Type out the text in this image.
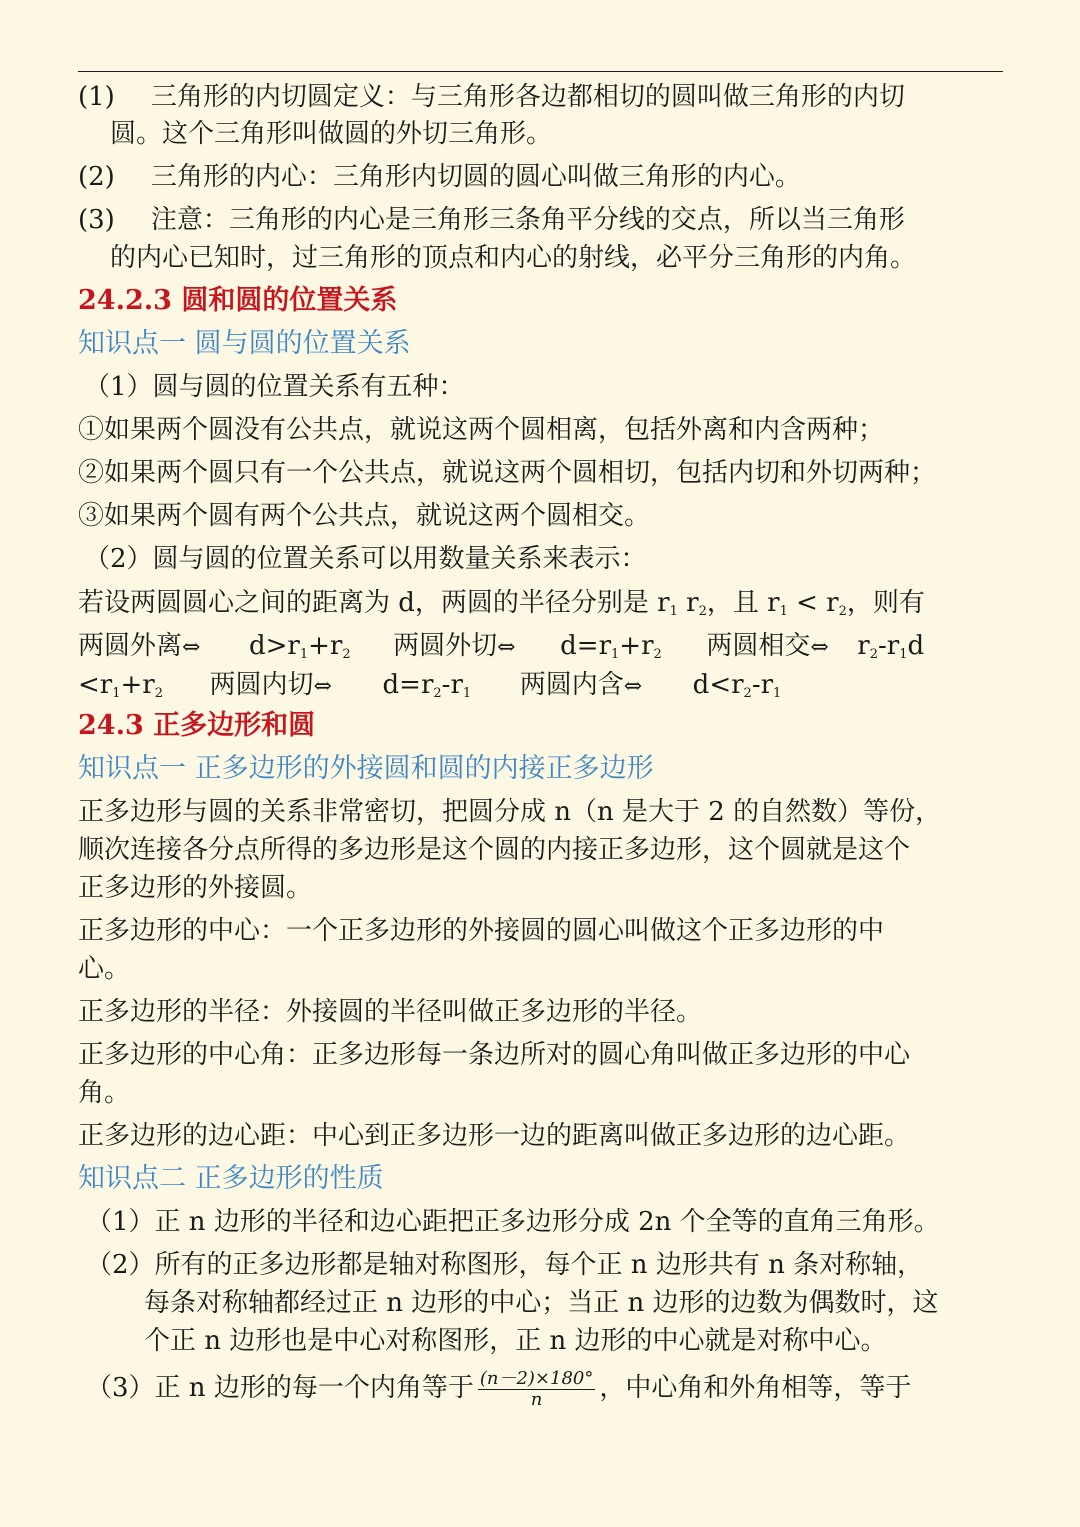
(1) 三角形的内切圆定义：与三角形各边都相切的圆叫做三角形的内切
圆。这个三角形叫做圆的外切三角形。
(2) 三角形的内心：三角形内切圆的圆心叫做三角形的内心。
(3) 注意：三角形的内心是三角形三条角平分线的交点，所以当三角形
的内心已知时，过三角形的顶点和内心的射线，必平分三角形的内角。
24.2.3 圆和圆的位置关系
知识点一 圆与圆的位置关系
（1）圆与圆的位置关系有五种：
①如果两个圆没有公共点，就说这两个圆相离，包括外离和内含两种；
②如果两个圆只有一个公共点，就说这两个圆相切，包括内切和外切两种；
③如果两个圆有两个公共点，就说这两个圆相交。
（2）圆与圆的位置关系可以用数量关系来表示：
若设两圆圆心之间的距离为 d，两圆的半径分别是 $r_1$ $r_2$，且 $r_1 < r_2$，则有
两圆外离⇔ $d>r_1+r_2$ 两圆外切⇔ $d=r_1+r_2$ 两圆相交⇔ $r_2-r_1d$
$<r_1+r_2$ 两圆内切⇔ $d=r_2-r_1$ 两圆内含⇔ $d<r_2-r_1$
24.3 正多边形和圆
知识点一 正多边形的外接圆和圆的内接正多边形
正多边形与圆的关系非常密切，把圆分成 n（n 是大于 2 的自然数）等份，
顺次连接各分点所得的多边形是这个圆的内接正多边形，这个圆就是这个
正多边形的外接圆。
正多边形的中心：一个正多边形的外接圆的圆心叫做这个正多边形的中
心。
正多边形的半径：外接圆的半径叫做正多边形的半径。
正多边形的中心角：正多边形每一条边所对的圆心角叫做正多边形的中心
角。
正多边形的边心距：中心到正多边形一边的距离叫做正多边形的边心距。
知识点二 正多边形的性质
（1）正 n 边形的半径和边心距把正多边形分成 2n 个全等的直角三角形。
（2）所有的正多边形都是轴对称图形，每个正 n 边形共有 n 条对称轴，
每条对称轴都经过正 n 边形的中心；当正 n 边形的边数为偶数时，这
个正 n 边形也是中心对称图形，正 n 边形的中心就是对称中心。
（3）正 n 边形的每一个内角等于 $\frac{(n-2)\times 180^\circ}{n}$ ，中心角和外角相等，等于
